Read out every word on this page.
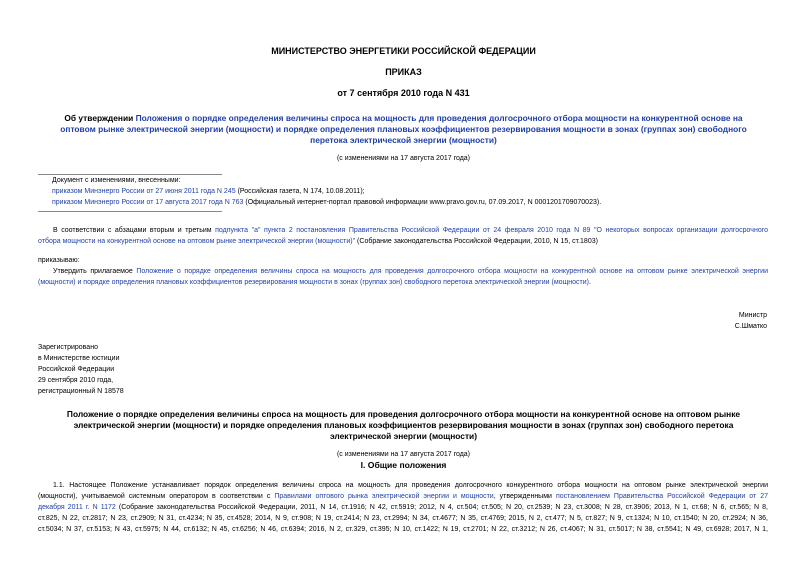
МИНИСТЕРСТВО ЭНЕРГЕТИКИ РОССИЙСКОЙ ФЕДЕРАЦИИ
ПРИКАЗ
от 7 сентября 2010 года N 431
Об утверждении Положения о порядке определения величины спроса на мощность для проведения долгосрочного отбора мощности на конкурентной основе на
оптовом рынке электрической энергии (мощности) и порядке определения плановых коэффициентов резервирования мощности в зонах (группах зон) свободного
перетока электрической энергии (мощности)
(с изменениями на 17 августа 2017 года)
Документ с изменениями, внесенными:
приказом Минэнерго России от 27 июня 2011 года N 245 (Российская газета, N 174, 10.08.2011);
приказом Минэнерго России от 17 августа 2017 года N 763 (Официальный интернет-портал правовой информации www.pravo.gov.ru, 07.09.2017, N 0001201709070023).
В соответствии с абзацами вторым и третьим подпункта "а" пункта 2 постановления Правительства Российской Федерации от 24 февраля 2010 года N 89 "О некоторых вопросах организации долгосрочного
отбора мощности на конкурентной основе на оптовом рынке электрической энергии (мощности)" (Собрание законодательства Российской Федерации, 2010, N 15, ст.1803)
приказываю:
Утвердить прилагаемое Положение о порядке определения величины спроса на мощность для проведения долгосрочного отбора мощности на конкурентной основе на оптовом рынке электрической энергии
(мощности) и порядке определения плановых коэффициентов резервирования мощности в зонах (группах зон) свободного перетока электрической энергии (мощности).
Министр
С.Шматко
Зарегистрировано
в Министерстве юстиции
Российской Федерации
29 сентября 2010 года,
регистрационный N 18578
Положение о порядке определения величины спроса на мощность для проведения долгосрочного отбора мощности на конкурентной основе на оптовом рынке
электрической энергии (мощности) и порядке определения плановых коэффициентов резервирования мощности в зонах (группах зон) свободного перетока
электрической энергии (мощности)
(с изменениями на 17 августа 2017 года)
I. Общие положения
1.1. Настоящее Положение устанавливает порядок определения величины спроса на мощность для проведения долгосрочного конкурентного отбора мощности на оптовом рынке электрической энергии
(мощности), учитываемой системным оператором в соответствии с Правилами оптового рынка электрической энергии и мощности, утвержденными постановлением Правительства Российской Федерации от 27
декабря 2011 г. N 1172 (Собрание законодательства Российской Федерации, 2011, N 14, ст.1916; N 42, ст.5919; 2012, N 4, ст.504; ст.505; N 20, ст.2539; N 23, ст.3008; N 28, ст.3906; 2013, N 1, ст.68; N 6, ст.565; N 8,
ст.825, N 22, ст.2817; N 23, ст.2909; N 31, ст.4234; N 35, ст.4528; 2014, N 9, ст.908; N 19, ст.2414; N 23, ст.2994; N 34, ст.4677; N 35, ст.4769; 2015, N 2, ст.477; N 5, ст.827; N 9, ст.1324; N 10, ст.1540; N 20, ст.2924; N 36,
ст.5034; N 37, ст.5153; N 43, ст.5975; N 44, ст.6132; N 45, ст.6256; N 46, ст.6394; 2016, N 2, ст.329, ст.395; N 10, ст.1422; N 19, ст.2701; N 22, ст.3212; N 26, ст.4067; N 31, ст.5017; N 38, ст.5541; N 49, ст.6928; 2017, N 1,
